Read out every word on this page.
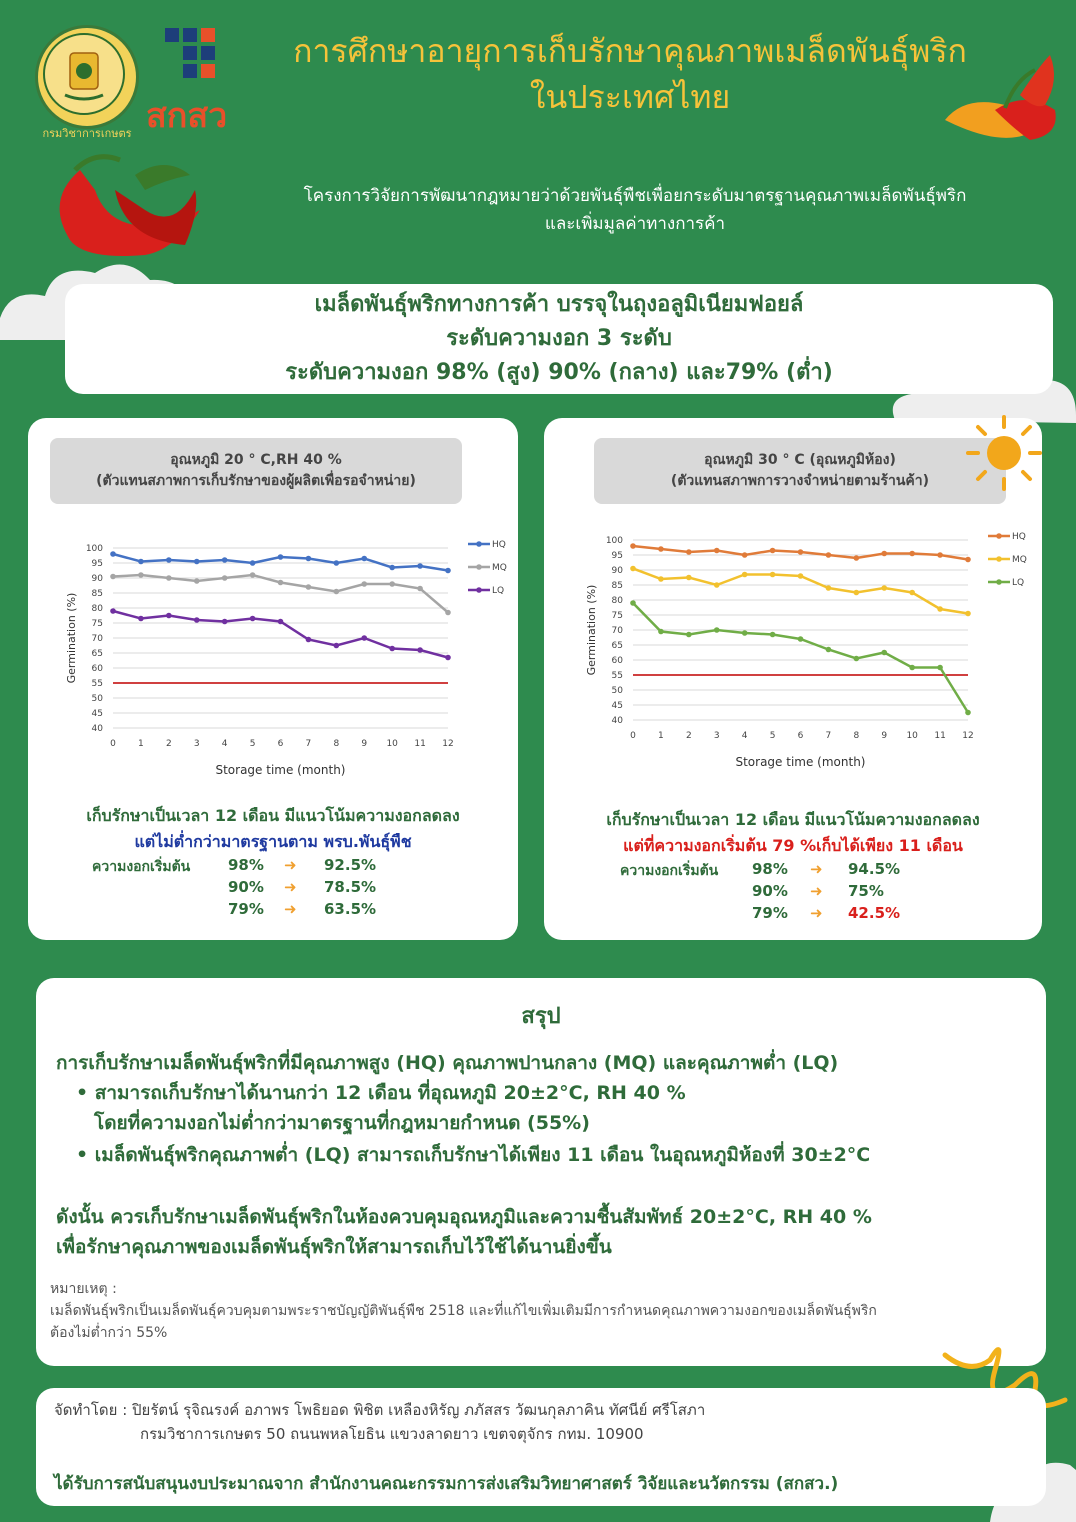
กรมวิชาการเกษตร สกสว
การศึกษาอายุการเก็บรักษาคุณภาพเมล็ดพันธุ์พริก
ในประเทศไทย
โครงการวิจัยการพัฒนากฎหมายว่าด้วยพันธุ์พืชเพื่อยกระดับมาตรฐานคุณภาพเมล็ดพันธุ์พริก
และเพิ่มมูลค่าทางการค้า
เมล็ดพันธุ์พริกทางการค้า บรรจุในถุงอลูมิเนียมฟอยล์
ระดับความงอก 3 ระดับ
ระดับความงอก 98% (สูง) 90% (กลาง) และ79% (ต่ำ)
อุณหภูมิ 20 ° C,RH 40 %
(ตัวแทนสภาพการเก็บรักษาของผู้ผลิตเพื่อรอจำหน่าย)
40
45
50
55
60
65
70
75
80
85
90
95
100
0 1 2 3 4 5 6 7 8 9 10 11 12
HQ
MQ
LQ
Storage time (month)
Germination (%)
เก็บรักษาเป็นเวลา 12 เดือน มีแนวโน้มความงอกลดลง
แต่ไม่ต่ำกว่ามาตรฐานตาม พรบ.พันธุ์พืช
ความงอกเริ่มต้น	98% ➜ 92.5%
90% ➜ 78.5%
79% ➜ 63.5%
อุณหภูมิ 30 ° C (อุณหภูมิห้อง)
(ตัวแทนสภาพการวางจำหน่ายตามร้านค้า)
40
45
50
55
60
65
70
75
80
85
90
95
100
0 1 2 3 4 5 6 7 8 9 10 11 12
HQ
MQ
LQ
Storage time (month)
Germination (%)
เก็บรักษาเป็นเวลา 12 เดือน มีแนวโน้มความงอกลดลง
แต่ที่ความงอกเริ่มต้น 79 %เก็บได้เพียง 11 เดือน
ความงอกเริ่มต้น 98% ➜ 94.5%
90% ➜ 75%
79% ➜ 42.5%
สรุป
การเก็บรักษาเมล็ดพันธุ์พริกที่มีคุณภาพสูง (HQ) คุณภาพปานกลาง (MQ) และคุณภาพต่ำ (LQ)
• สามารถเก็บรักษาได้นานกว่า 12 เดือน ที่อุณหภูมิ 20±2°C, RH 40 %
โดยที่ความงอกไม่ต่ำกว่ามาตรฐานที่กฎหมายกำหนด (55%)
• เมล็ดพันธุ์พริกคุณภาพต่ำ (LQ) สามารถเก็บรักษาได้เพียง 11 เดือน ในอุณหภูมิห้องที่ 30±2°C
ดังนั้น ควรเก็บรักษาเมล็ดพันธุ์พริกในห้องควบคุมอุณหภูมิและความชื้นสัมพัทธ์ 20±2°C, RH 40 %
เพื่อรักษาคุณภาพของเมล็ดพันธุ์พริกให้สามารถเก็บไว้ใช้ได้นานยิ่งขึ้น
หมายเหตุ :
เมล็ดพันธุ์พริกเป็นเมล็ดพันธุ์ควบคุมตามพระราชบัญญัติพันธุ์พืช 2518 และที่แก้ไขเพิ่มเติมมีการกำหนดคุณภาพความงอกของเมล็ดพันธุ์พริก
ต้องไม่ต่ำกว่า 55%
จัดทำโดย : ปิยรัตน์ รุจิณรงค์ อภาพร โพธิยอด พิชิต เหลืองหิรัญ ภภัสสร วัฒนกุลภาคิน ทัศนีย์ ศรีโสภา
กรมวิชาการเกษตร 50 ถนนพหลโยธิน แขวงลาดยาว เขตจตุจักร กทม. 10900
ได้รับการสนับสนุนงบประมาณจาก สำนักงานคณะกรรมการส่งเสริมวิทยาศาสตร์ วิจัยและนวัตกรรม (สกสว.)
